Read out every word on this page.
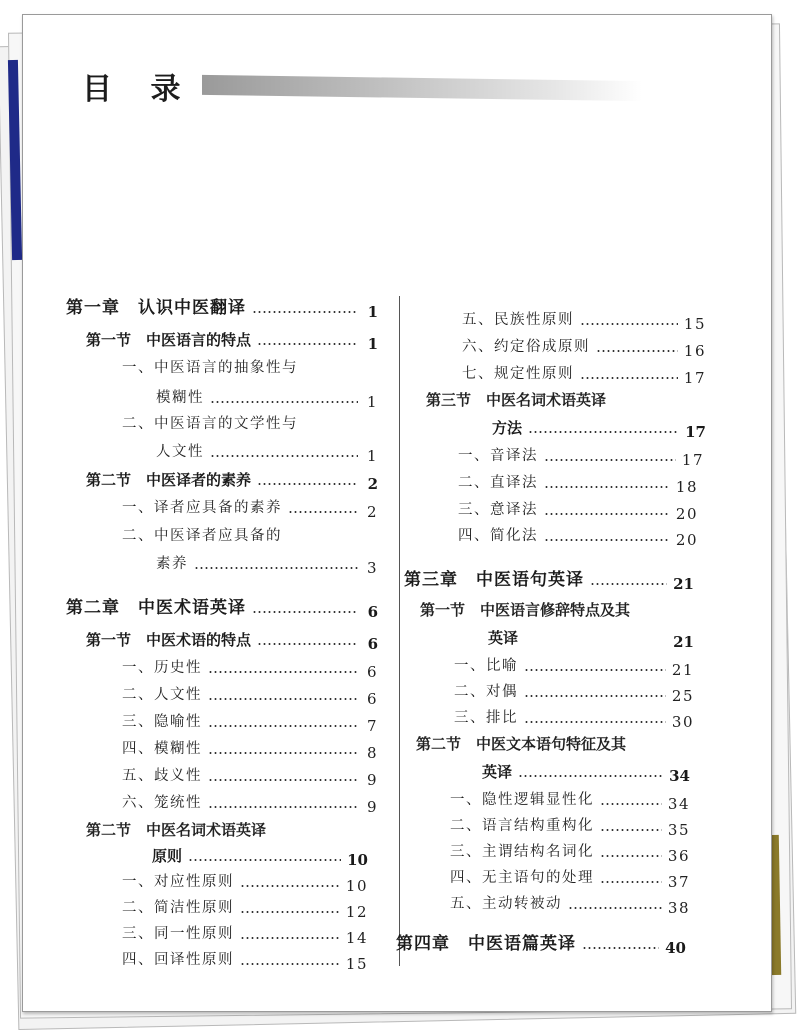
目 录
第一章　认识中医翻译	1
第一节　中医语言的特点	1
一、中医语言的抽象性与
模糊性	1
二、中医语言的文学性与
人文性	1
第二节　中医译者的素养	2
一、译者应具备的素养	2
二、中医译者应具备的
素养	3
第二章　中医术语英译	6
第一节　中医术语的特点	6
一、历史性	6
二、人文性	6
三、隐喻性	7
四、模糊性	8
五、歧义性	9
六、笼统性	9
第二节　中医名词术语英译
原则	10
一、对应性原则	10
二、简洁性原则	12
三、同一性原则	14
四、回译性原则	15
五、民族性原则	15
六、约定俗成原则	16
七、规定性原则	17
第三节　中医名词术语英译
方法	17
一、音译法	17
二、直译法	18
三、意译法	20
四、简化法	20
第三章　中医语句英译	21
第一节　中医语言修辞特点及其
英译	21
一、比喻	21
二、对偶	25
三、排比	30
第二节　中医文本语句特征及其
英译	34
一、隐性逻辑显性化	34
二、语言结构重构化	35
三、主谓结构名词化	36
四、无主语句的处理	37
五、主动转被动	38
第四章　中医语篇英译	40
